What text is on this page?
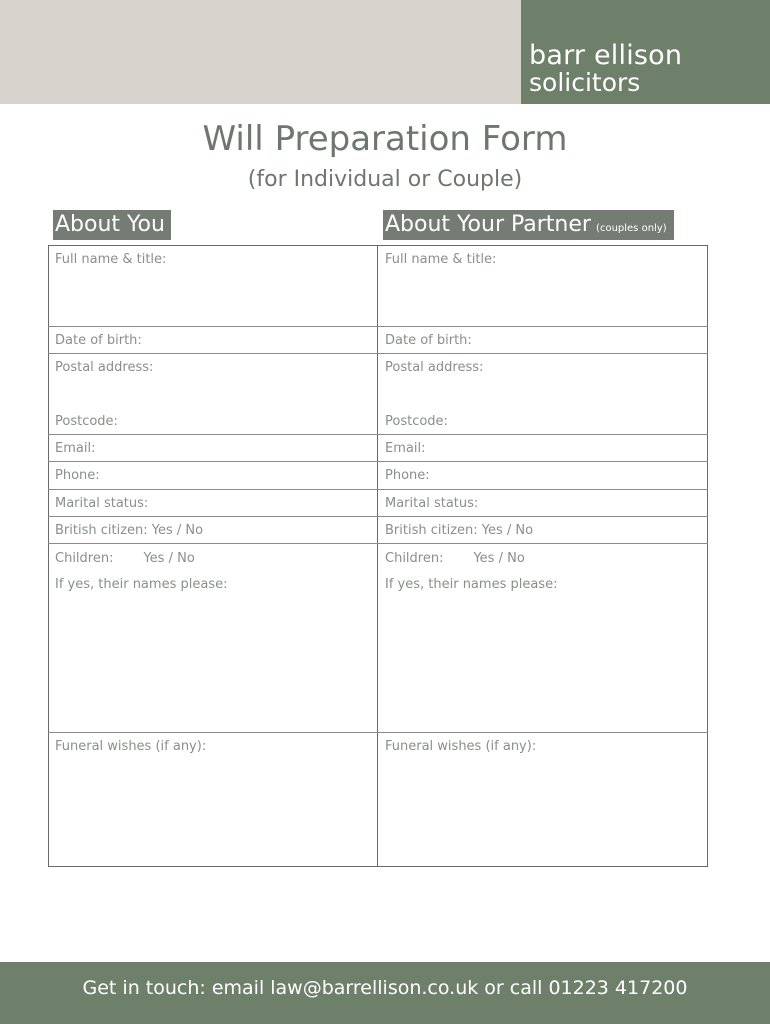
barr ellison
solicitors
Will Preparation Form
(for Individual or Couple)
About You	About Your Partner (couples only)
Full name & title:
Date of birth:
Postal address:
Postcode:
Email:
Phone:
Marital status:
British citizen: Yes / No
Children: Yes / No
If yes, their names please:
Funeral wishes (if any):
Full name & title:
Date of birth:
Postal address:
Postcode:
Email:
Phone:
Marital status:
British citizen: Yes / No
Children: Yes / No
If yes, their names please:
Funeral wishes (if any):
Get in touch: email law@barrellison.co.uk or call 01223 417200
